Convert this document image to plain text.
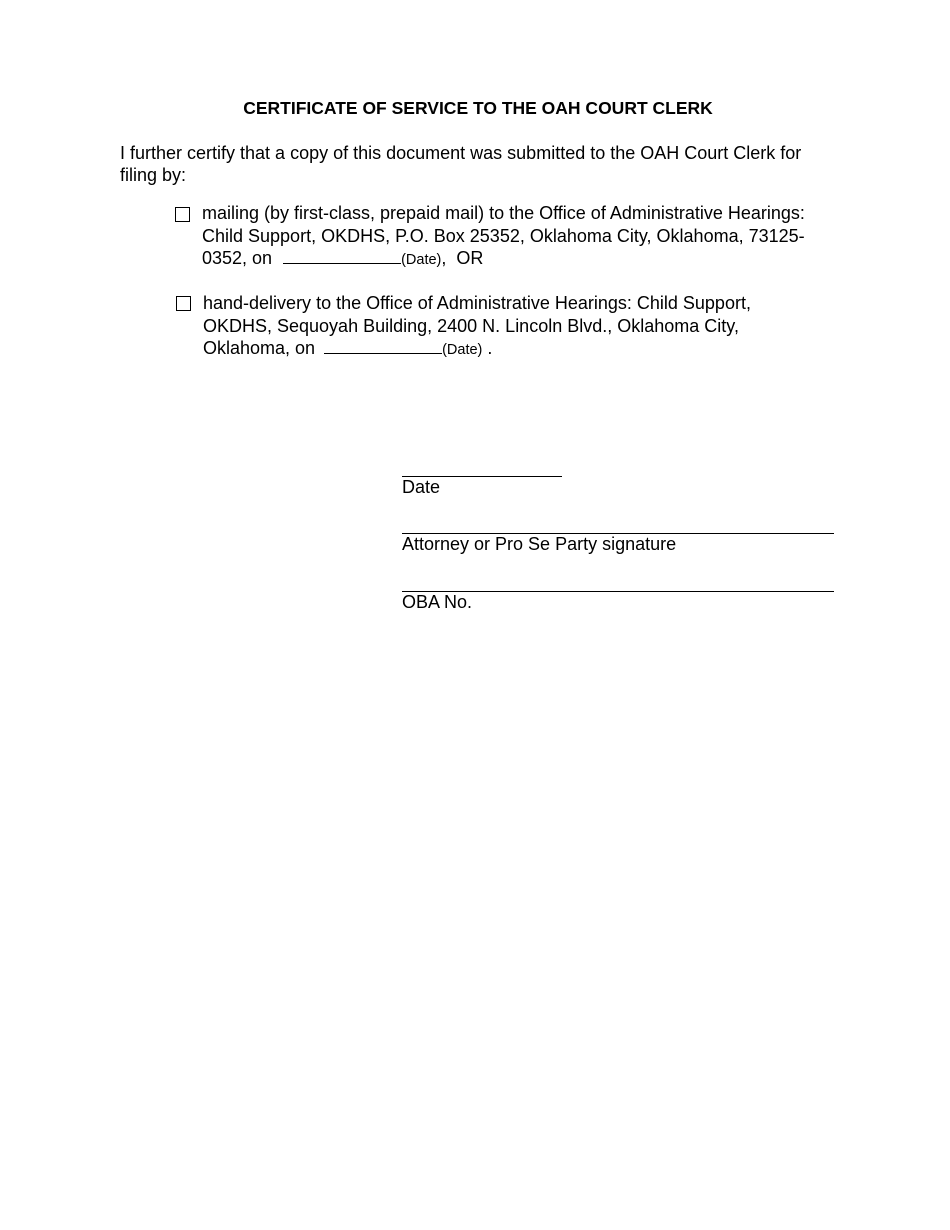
CERTIFICATE OF SERVICE TO THE OAH COURT CLERK

I further certify that a copy of this document was submitted to the OAH Court Clerk for filing by:

mailing (by first-class, prepaid mail) to the Office of Administrative Hearings: Child Support, OKDHS, P.O. Box 25352, Oklahoma City, Oklahoma, 73125-0352, on	(Date),  OR
hand-delivery to the Office of Administrative Hearings: Child Support, OKDHS, Sequoyah Building, 2400 N. Lincoln Blvd., Oklahoma City, Oklahoma, on	(Date) .

Date

Attorney or Pro Se Party signature

OBA No.
